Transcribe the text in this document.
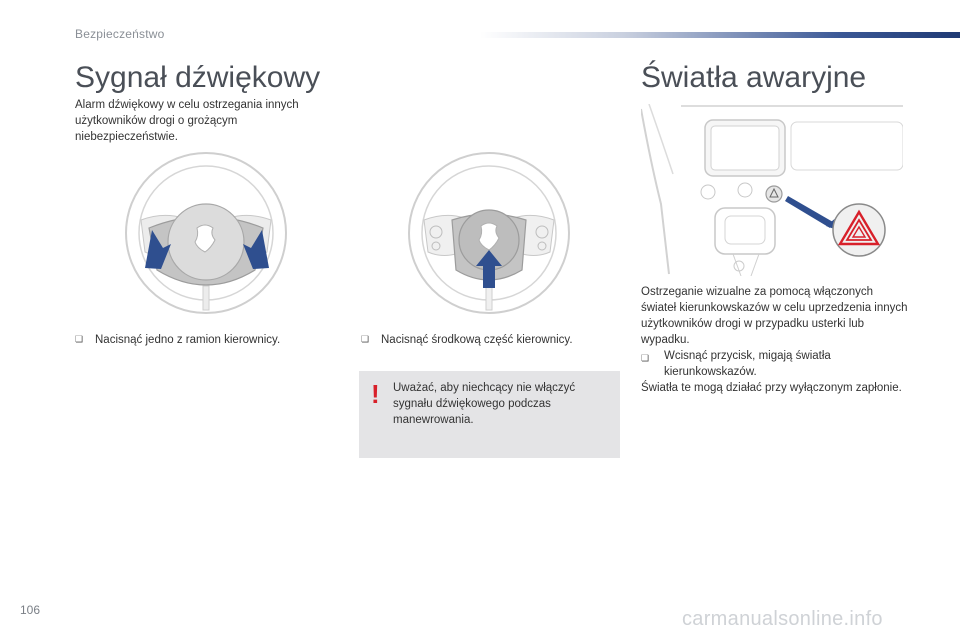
Bezpieczeństwo
Sygnał dźwiękowy	Światła awaryjne
Alarm dźwiękowy w celu ostrzegania innych użytkowników drogi o grożącym niebezpieczeństwie.
❏ Nacisnąć jedno z ramion kierownicy.	❏ Nacisnąć środkową część kierownicy.
! Uważać, aby niechcący nie włączyć sygnału dźwiękowego podczas manewrowania.

Ostrzeganie wizualne za pomocą włączonych świateł kierunkowskazów w celu uprzedzenia innych użytkowników drogi w przypadku usterki lub wypadku.

❏	Wcisnąć przycisk, migają światła kierunkowskazów.

Światła te mogą działać przy wyłączonym zapłonie.

106	carmanualsonline.info
